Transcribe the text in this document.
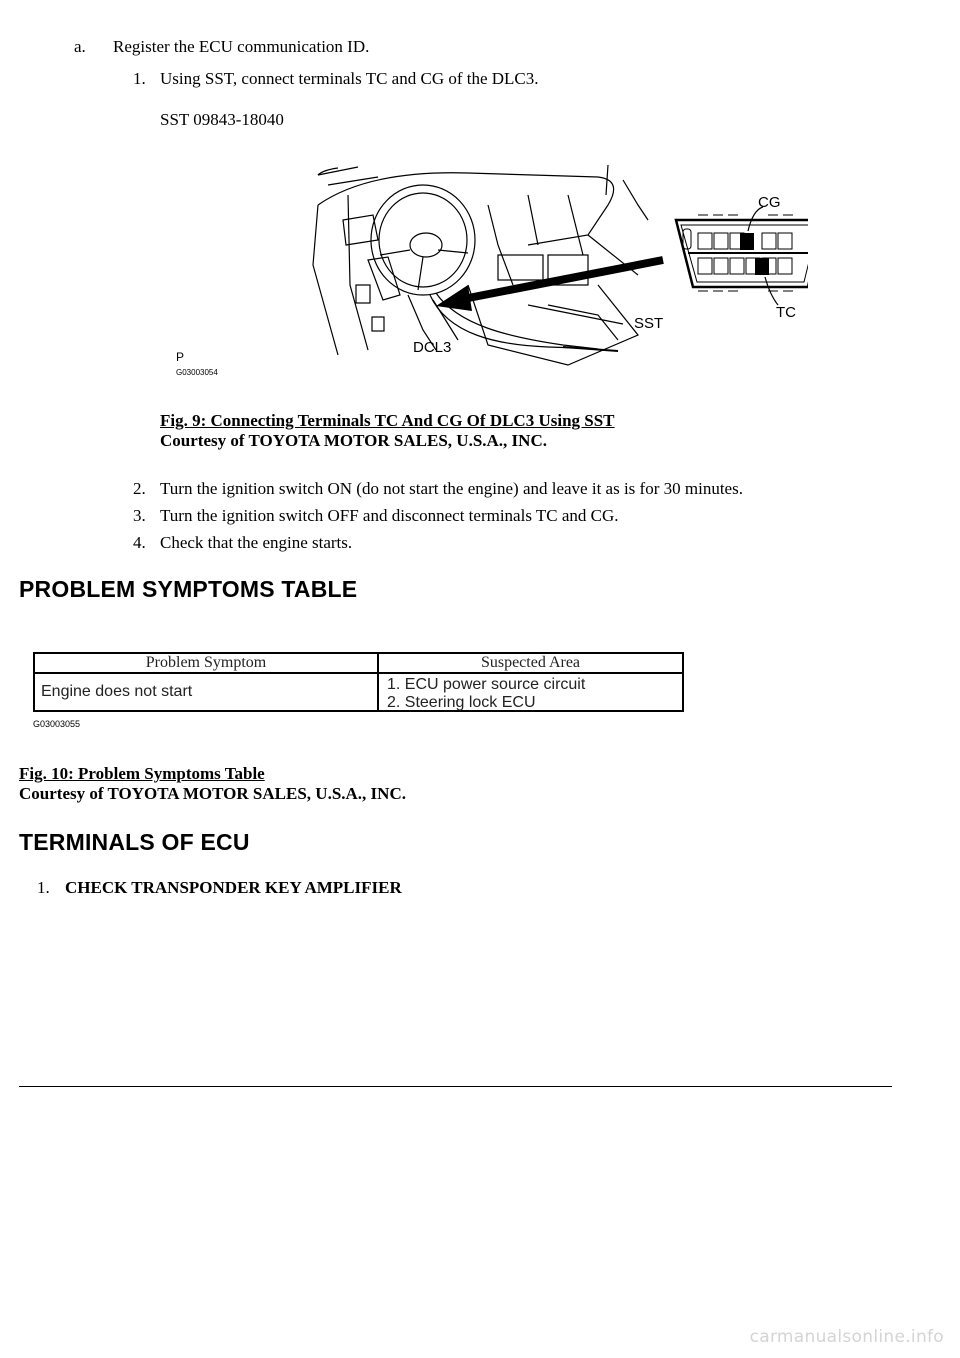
a. Register the ECU communication ID.
1. Using SST, connect terminals TC and CG of the DLC3.
SST 09843-18040
CG
TC
SST
DCL3
P
G03003054
Fig. 9: Connecting Terminals TC And CG Of DLC3 Using SST
Courtesy of TOYOTA MOTOR SALES, U.S.A., INC.
2. Turn the ignition switch ON (do not start the engine) and leave it as is for 30 minutes.
3. Turn the ignition switch OFF and disconnect terminals TC and CG.
4. Check that the engine starts.
PROBLEM SYMPTOMS TABLE
Problem Symptom	Suspected Area
Engine does not start	1. ECU power source circuit
2. Steering lock ECU
G03003055
Fig. 10: Problem Symptoms Table
Courtesy of TOYOTA MOTOR SALES, U.S.A., INC.
TERMINALS OF ECU
1. CHECK TRANSPONDER KEY AMPLIFIER
carmanualsonline.info
